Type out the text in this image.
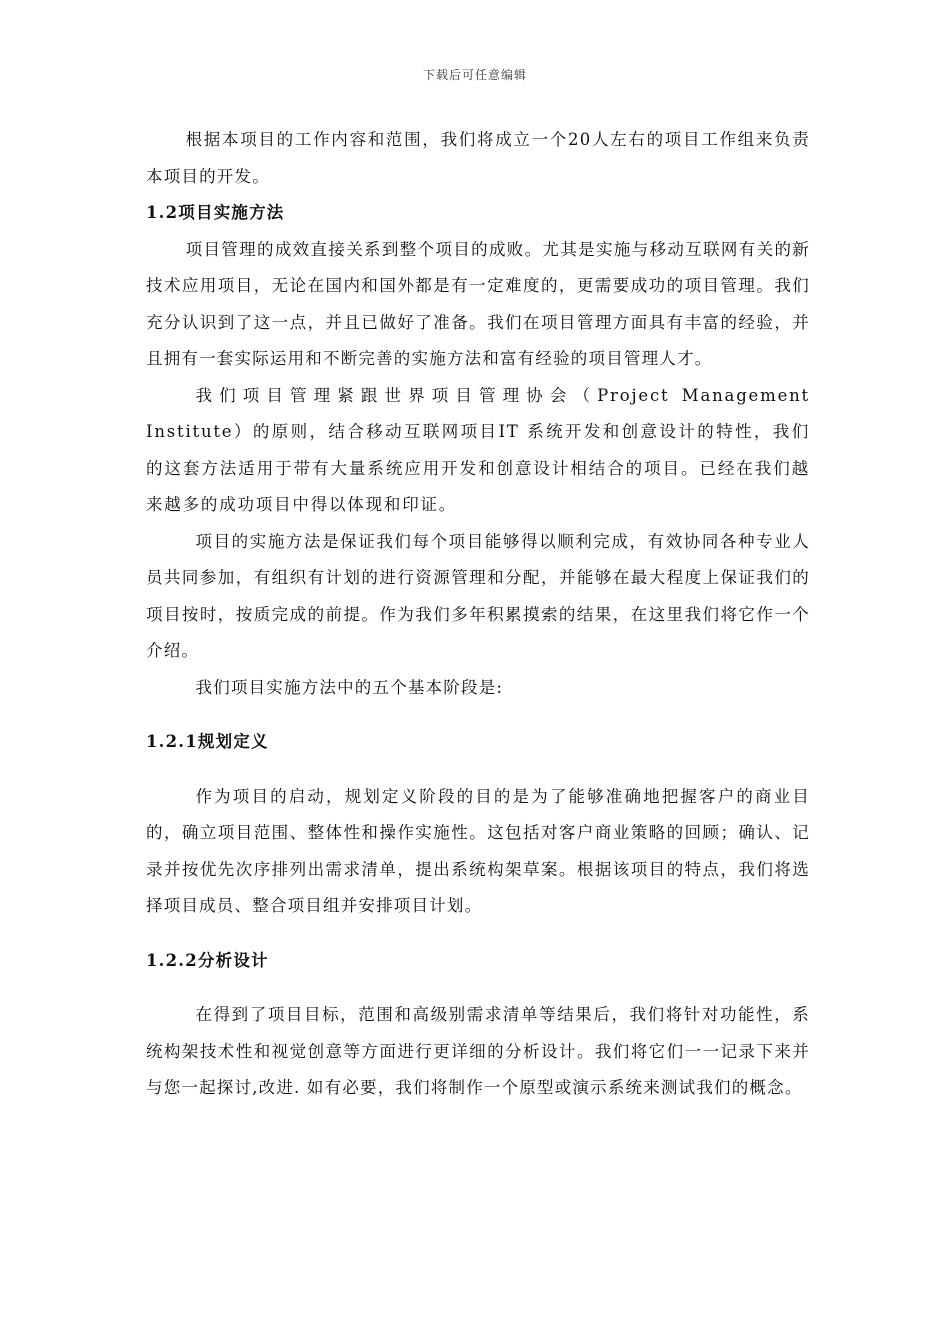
下载后可任意编辑

根据本项目的工作内容和范围，我们将成立一个20人左右的项目工作组来负责本项目的开发。

1.2项目实施方法

项目管理的成效直接关系到整个项目的成败。尤其是实施与移动互联网有关的新技术应用项目，无论在国内和国外都是有一定难度的，更需要成功的项目管理。我们充分认识到了这一点，并且已做好了准备。我们在项目管理方面具有丰富的经验，并且拥有一套实际运用和不断完善的实施方法和富有经验的项目管理人才。

我们项目管理紧跟世界项目管理协会（Project Management Institute）的原则，结合移动互联网项目IT 系统开发和创意设计的特性，我们的这套方法适用于带有大量系统应用开发和创意设计相结合的项目。已经在我们越来越多的成功项目中得以体现和印证。

项目的实施方法是保证我们每个项目能够得以顺利完成，有效协同各种专业人员共同参加，有组织有计划的进行资源管理和分配，并能够在最大程度上保证我们的项目按时，按质完成的前提。作为我们多年积累摸索的结果，在这里我们将它作一个介绍。

我们项目实施方法中的五个基本阶段是:

1.2.1规划定义

作为项目的启动，规划定义阶段的目的是为了能够准确地把握客户的商业目的，确立项目范围、整体性和操作实施性。这包括对客户商业策略的回顾；确认、记录并按优先次序排列出需求清单，提出系统构架草案。根据该项目的特点，我们将选择项目成员、整合项目组并安排项目计划。

1.2.2分析设计

在得到了项目目标，范围和高级别需求清单等结果后，我们将针对功能性，系统构架技术性和视觉创意等方面进行更详细的分析设计。我们将它们一一记录下来并与您一起探讨,改进. 如有必要，我们将制作一个原型或演示系统来测试我们的概念。
